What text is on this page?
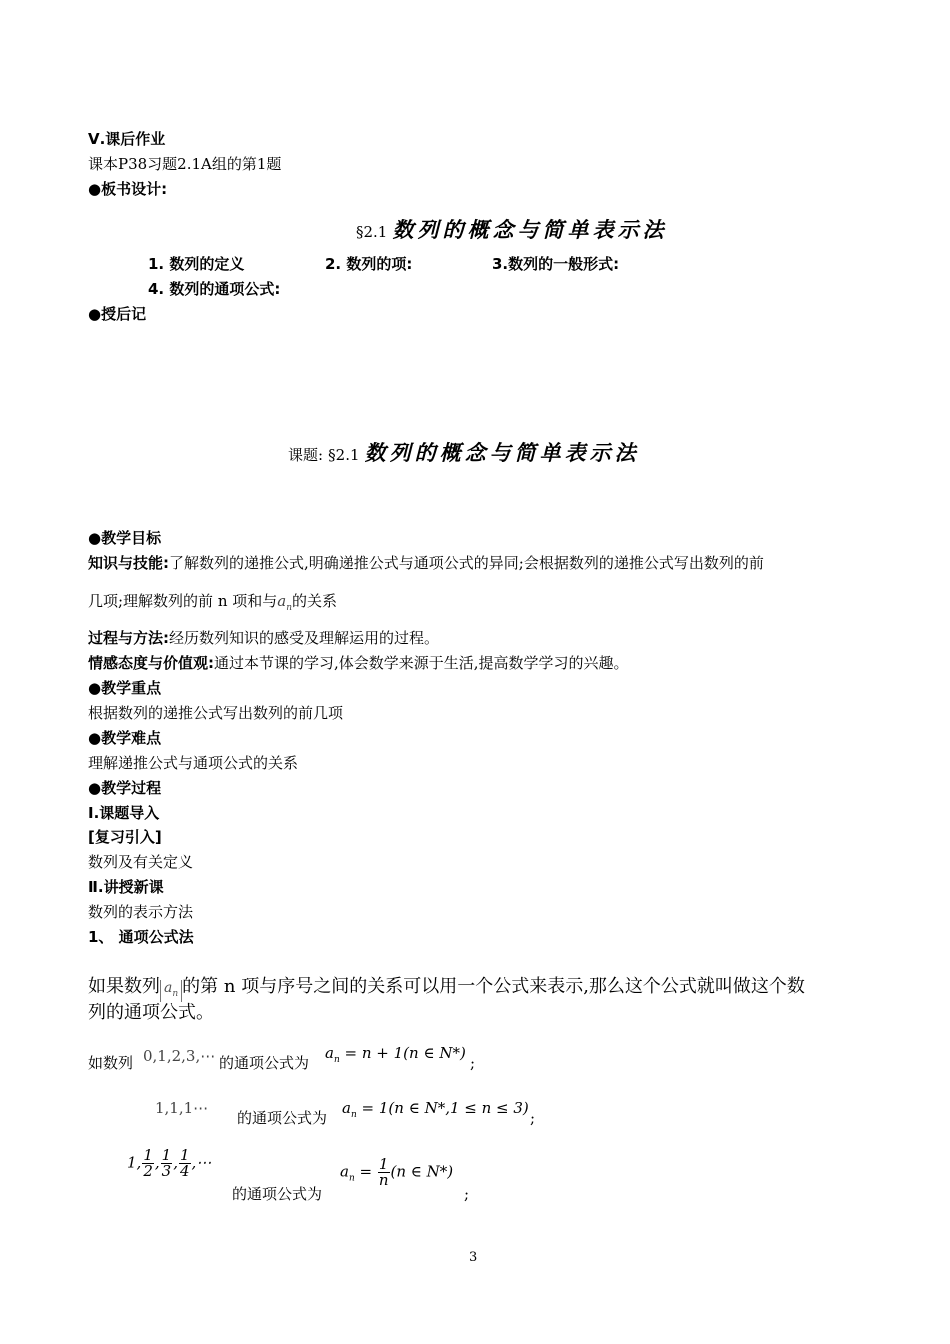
Ⅴ.课后作业
课本P38习题2.1A组的第1题
●板书设计:
§2.1 数列的概念与简单表示法
1. 数列的定义	2. 数列的项:	3.数列的一般形式:
4. 数列的通项公式:
●授后记
课题: §2.1 数列的概念与简单表示法
●教学目标
知识与技能:了解数列的递推公式,明确递推公式与通项公式的异同;会根据数列的递推公式写出数列的前
几项;理解数列的前 n 项和与$a_n$的关系
过程与方法:经历数列知识的感受及理解运用的过程。
情感态度与价值观:通过本节课的学习,体会数学来源于生活,提高数学学习的兴趣。
●教学重点
根据数列的递推公式写出数列的前几项
●教学难点
理解递推公式与通项公式的关系
●教学过程
Ⅰ.课题导入
[复习引入]
数列及有关定义
Ⅱ.讲授新课
数列的表示方法
1、 通项公式法
如果数列 $a_n$ 的第 n 项与序号之间的关系可以用一个公式来表示,那么这个公式就叫做这个数
列的通项公式。
如数列 0,1,2,3,⋯ 的通项公式为
$a_n = n + 1(n$ ∈ N*)
;
1,1,1⋯
的通项公式为
$a_n = 1(n$ ∈ N*,1 ≤ n ≤ 3)
;
1, $\frac{1}{2}$ , $\frac{1}{3}$ , $\frac{1}{4}$ ,⋯
的通项公式为
$a_n = \frac{1}{n} (n$ ∈ N*)
;
3
